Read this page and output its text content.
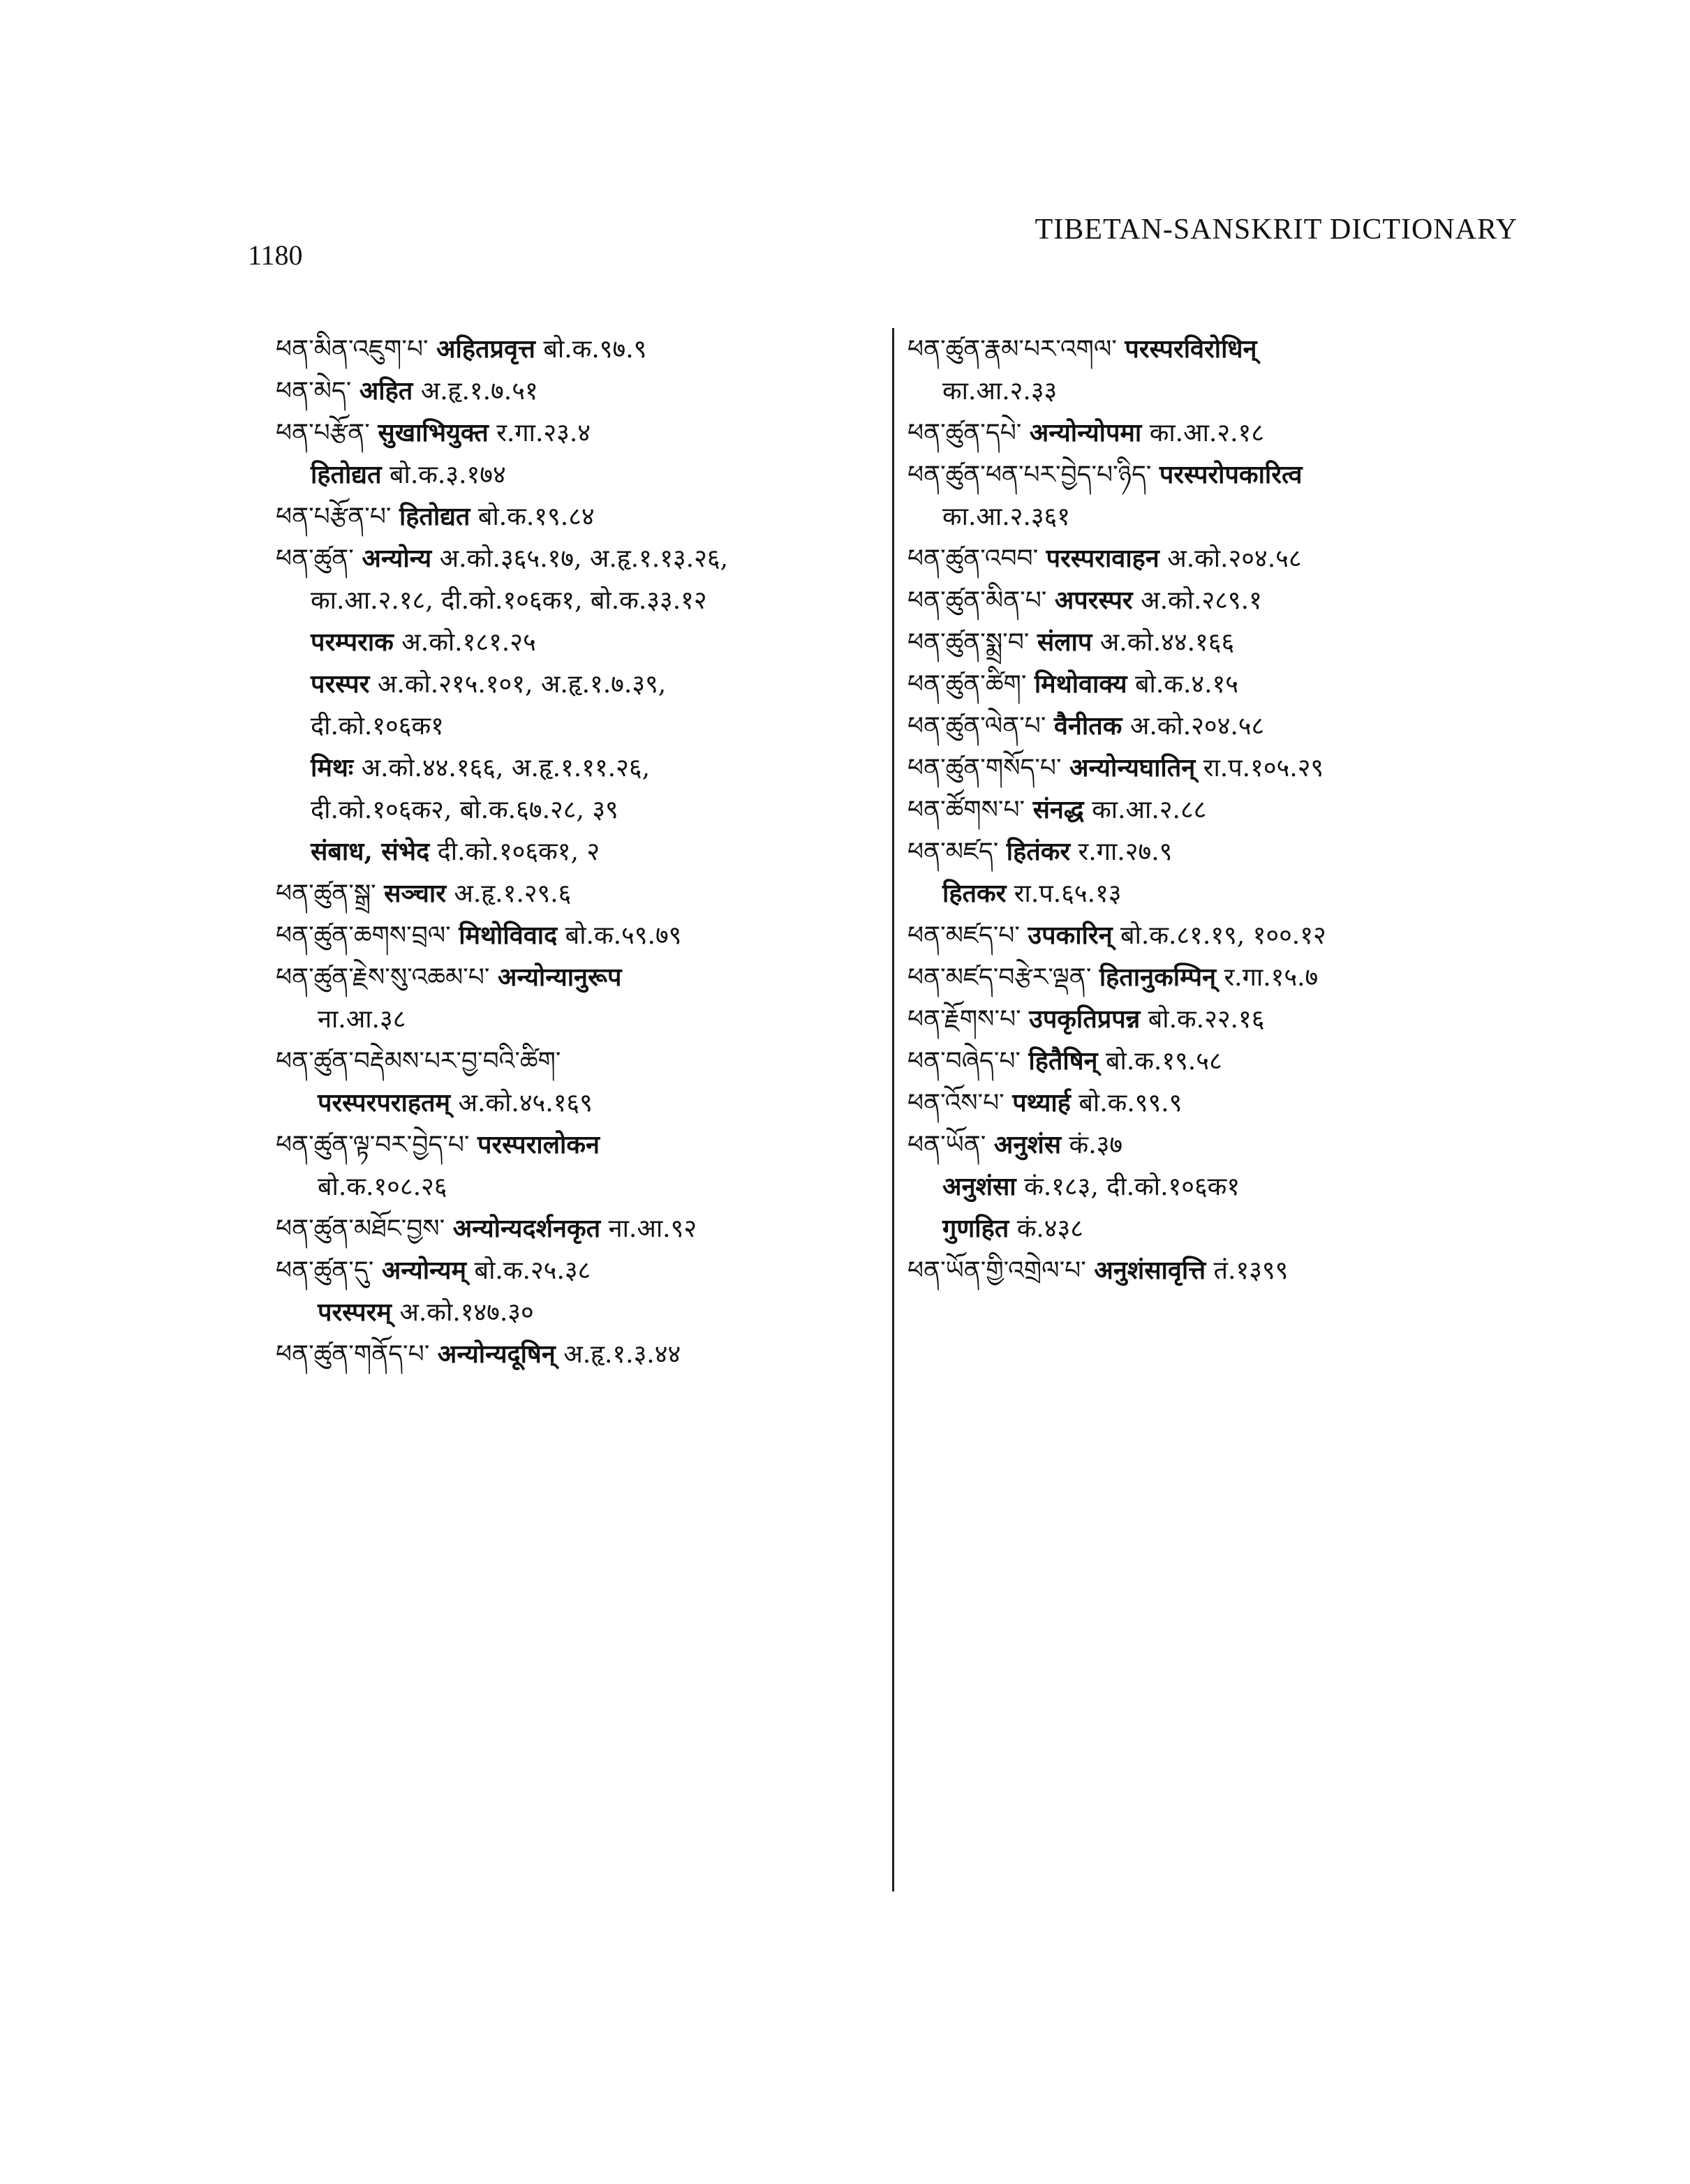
1180
TIBETAN-SANSKRIT DICTIONARY
ཕན་མིན་འཇུག་པ་ अहितप्रवृत्त बो.क.९७.९
ཕན་མེད་ अहित अ.हृ.१.७.५१
ཕན་པརྩོན་ सुखाभियुक्त र.गा.२३.४
हितोद्यत बो.क.३.१७४
ཕན་པརྩོན་པ་ हितोद्यत बो.क.१९.८४
ཕན་ཚུན་ अन्योन्य अ.को.३६५.१७, अ.हृ.१.१३.२६,
का.आ.२.१८, दी.को.१०६क१, बो.क.३३.१२
परम्पराक अ.को.१८१.२५
परस्पर अ.को.२१५.१०१, अ.हृ.१.७.३९,
दी.को.१०६क१
मिथः अ.को.४४.१६६, अ.हृ.१.११.२६,
दी.को.१०६क२, बो.क.६७.२८, ३९
संबाध, संभेद दी.को.१०६क१, २
ཕན་ཚུན་སྒྲ་ सञ्चार अ.हृ.१.२९.६
ཕན་ཚུན་ཆགས་བྲལ་ मिथोविवाद बो.क.५९.७९
ཕན་ཚུན་རྗེས་སུ་འཆམ་པ་ अन्योन्यानुरूप
ना.आ.३८
ཕན་ཚུན་བརྡེམས་པར་བྱ་བའི་ཚིག་
परस्परपराहतम् अ.को.४५.१६९
ཕན་ཚུན་ལྟ་བར་བྱེད་པ་ परस्परालोकन
बो.क.१०८.२६
ཕན་ཚུན་མཐོང་བྱས་ अन्योन्यदर्शनकृत ना.आ.९२
ཕན་ཚུན་དུ་ अन्योन्यम् बो.क.२५.३८
परस्परम् अ.को.१४७.३०
ཕན་ཚུན་གནོད་པ་ अन्योन्यदूषिन् अ.हृ.१.३.४४
ཕན་ཚུན་རྣམ་པར་འགལ་ परस्परविरोधिन्
का.आ.२.३३
ཕན་ཚུན་དཔེ་ अन्योन्योपमा का.आ.२.१८
ཕན་ཚུན་ཕན་པར་བྱེད་པ་ཉིད་ परस्परोपकारित्व
का.आ.२.३६१
ཕན་ཚུན་འབབ་ परस्परावाहन अ.को.२०४.५८
ཕན་ཚུན་མིན་པ་ अपरस्पर अ.को.२८९.१
ཕན་ཚུན་སྨྲ་བ་ संलाप अ.को.४४.१६६
ཕན་ཚུན་ཚིག་ मिथोवाक्य बो.क.४.१५
ཕན་ཚུན་ལེན་པ་ वैनीतक अ.को.२०४.५८
ཕན་ཚུན་གསོད་པ་ अन्योन्यघातिन् रा.प.१०५.२९
ཕན་ཚོགས་པ་ संनद्ध का.आ.२.८८
ཕན་མཛད་ हितंकर र.गा.२७.९
हितकर रा.प.६५.१३
ཕན་མཛད་པ་ उपकारिन् बो.क.८१.१९, १००.१२
ཕན་མཛད་བརྩེར་ལྡན་ हितानुकम्पिन् र.गा.१५.७
ཕན་རྗོགས་པ་ उपकृतिप्रपन्न बो.क.२२.१६
ཕན་བཞེད་པ་ हितैषिन् बो.क.१९.५८
ཕན་འོས་པ་ पथ्यार्ह बो.क.९९.९
ཕན་ཡོན་ अनुशंस कं.३७
अनुशंसा कं.१८३, दी.को.१०६क१
गुणहित कं.४३८
ཕན་ཡོན་གྱི་འགྲེལ་པ་ अनुशंसावृत्ति तं.१३९९
